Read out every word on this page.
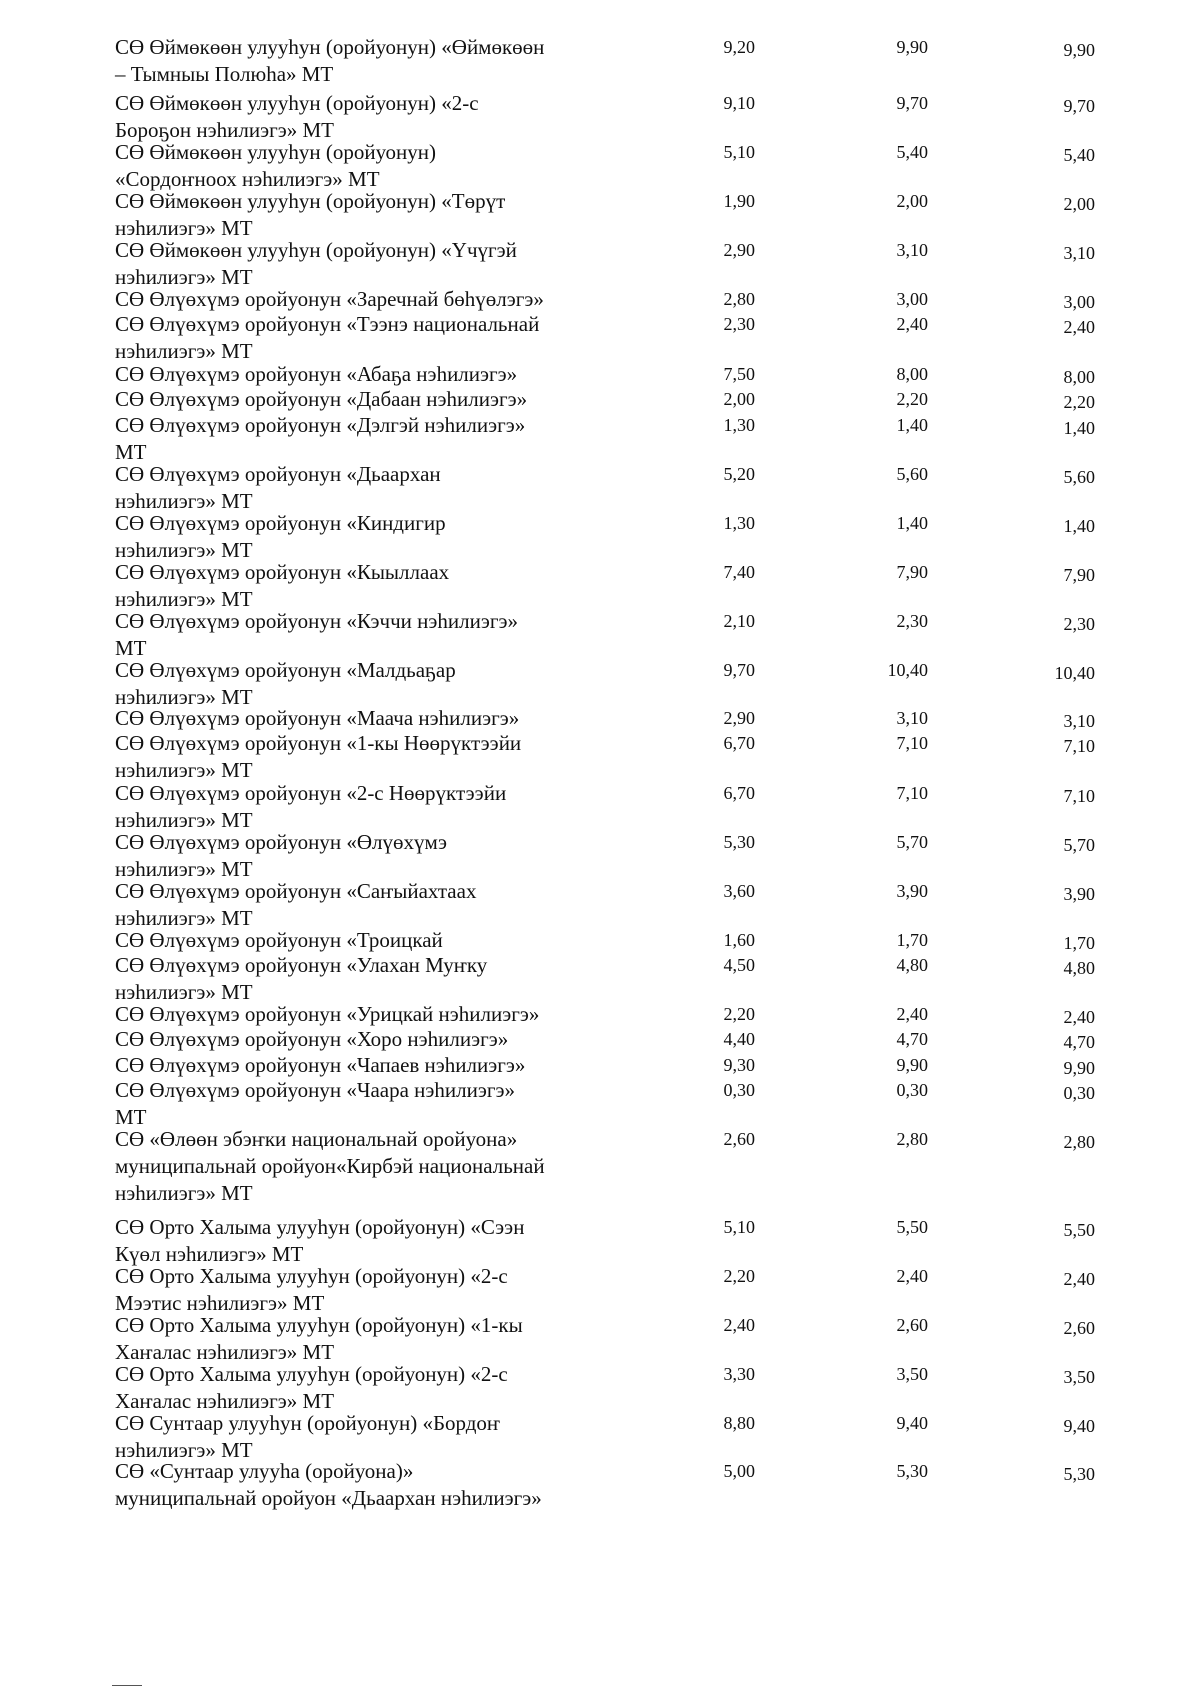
СӨ Өймөкөөн улууһун (оройуонун) «Өймөкөөн
– Тымныы Полюһа» МТ
9,20	9,90	9,90
СӨ Өймөкөөн улууһун (оройуонун) «2-с
Бороҕон нэһилиэгэ» МТ
9,10	9,70	9,70
СӨ Өймөкөөн улууһун (оройуонун)
«Сордоҥноох нэһилиэгэ» МТ
5,10	5,40	5,40
СӨ Өймөкөөн улууһун (оройуонун) «Төрүт
нэһилиэгэ» МТ
1,90	2,00	2,00
СӨ Өймөкөөн улууһун (оройуонун) «Үчүгэй
нэһилиэгэ» МТ
2,90	3,10	3,10
СӨ Өлүөхүмэ оройуонун «Заречнай бөһүөлэгэ»	2,80	3,00	3,00
СӨ Өлүөхүмэ оройуонун «Тээнэ национальнай
нэһилиэгэ» МТ
2,30	2,40	2,40
СӨ Өлүөхүмэ оройуонун «Абаҕа нэһилиэгэ»	7,50	8,00	8,00
СӨ Өлүөхүмэ оройуонун «Дабаан нэһилиэгэ»	2,00	2,20	2,20
СӨ Өлүөхүмэ оройуонун «Дэлгэй нэһилиэгэ»
МТ
1,30	1,40	1,40
СӨ Өлүөхүмэ оройуонун «Дьаархан
нэһилиэгэ» МТ
5,20	5,60	5,60
СӨ Өлүөхүмэ оройуонун «Киндигир
нэһилиэгэ» МТ
1,30	1,40	1,40
СӨ Өлүөхүмэ оройуонун «Кыыллаах
нэһилиэгэ» МТ
7,40	7,90	7,90
СӨ Өлүөхүмэ оройуонун «Кэччи нэһилиэгэ»
МТ
2,10	2,30	2,30
СӨ Өлүөхүмэ оройуонун «Малдьаҕар
нэһилиэгэ» МТ
9,70	10,40	10,40
СӨ Өлүөхүмэ оройуонун «Маача нэһилиэгэ»	2,90	3,10	3,10
СӨ Өлүөхүмэ оройуонун «1-кы Нөөрүктээйи
нэһилиэгэ» МТ
6,70	7,10	7,10
СӨ Өлүөхүмэ оройуонун «2-с Нөөрүктээйи
нэһилиэгэ» МТ
6,70	7,10	7,10
СӨ Өлүөхүмэ оройуонун «Өлүөхүмэ
нэһилиэгэ» МТ
5,30	5,70	5,70
СӨ Өлүөхүмэ оройуонун «Саҥыйахтаах
нэһилиэгэ» МТ
3,60	3,90	3,90
СӨ Өлүөхүмэ оройуонун «Троицкай	1,60	1,70	1,70
СӨ Өлүөхүмэ оройуонун «Улахан Муҥку
нэһилиэгэ» МТ
4,50	4,80	4,80
СӨ Өлүөхүмэ оройуонун «Урицкай нэһилиэгэ»	2,20	2,40	2,40
СӨ Өлүөхүмэ оройуонун «Хоро нэһилиэгэ»	4,40	4,70	4,70
СӨ Өлүөхүмэ оройуонун «Чапаев нэһилиэгэ»	9,30	9,90	9,90
СӨ Өлүөхүмэ оройуонун «Чаара нэһилиэгэ»
МТ
0,30	0,30	0,30
СӨ «Өлөөн эбэҥки национальнай оройуона»
муниципальнай оройуон«Кирбэй национальнай
нэһилиэгэ» МТ
2,60	2,80	2,80
СӨ Орто Халыма улууһун (оройуонун) «Сээн
Күөл нэһилиэгэ» МТ
5,10	5,50	5,50
СӨ Орто Халыма улууһун (оройуонун) «2-с
Мээтис нэһилиэгэ» МТ
2,20	2,40	2,40
СӨ Орто Халыма улууһун (оройуонун) «1-кы
Хаҥалас нэһилиэгэ» МТ
2,40	2,60	2,60
СӨ Орто Халыма улууһун (оройуонун) «2-с
Хаҥалас нэһилиэгэ» МТ
3,30	3,50	3,50
СӨ Сунтаар улууһун (оройуонун) «Бордоҥ
нэһилиэгэ» МТ
8,80	9,40	9,40
СӨ «Сунтаар улууһа (оройуона)»
муниципальнай оройуон «Дьаархан нэһилиэгэ»
5,00	5,30	5,30
